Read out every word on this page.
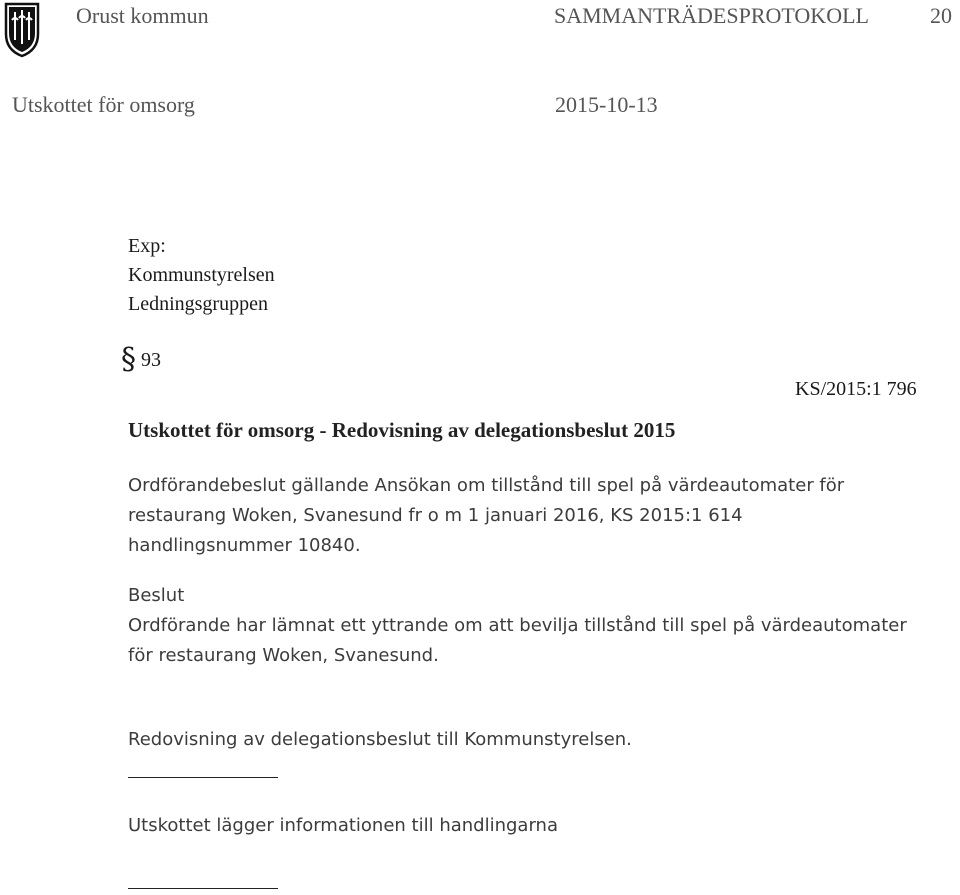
Orust kommun	SAMMANTRÄDESPROTOKOLL	20
Utskottet för omsorg	2015-10-13
Exp:
Kommunstyrelsen
Ledningsgruppen
§ 93
KS/2015:1 796
Utskottet för omsorg - Redovisning av delegationsbeslut 2015
Ordförandebeslut gällande Ansökan om tillstånd till spel på värdeautomater för
restaurang Woken, Svanesund fr o m 1 januari 2016, KS 2015:1 614
handlingsnummer 10840.
Beslut
Ordförande har lämnat ett yttrande om att bevilja tillstånd till spel på värdeautomater
för restaurang Woken, Svanesund.
Redovisning av delegationsbeslut till Kommunstyrelsen.
Utskottet lägger informationen till handlingarna
